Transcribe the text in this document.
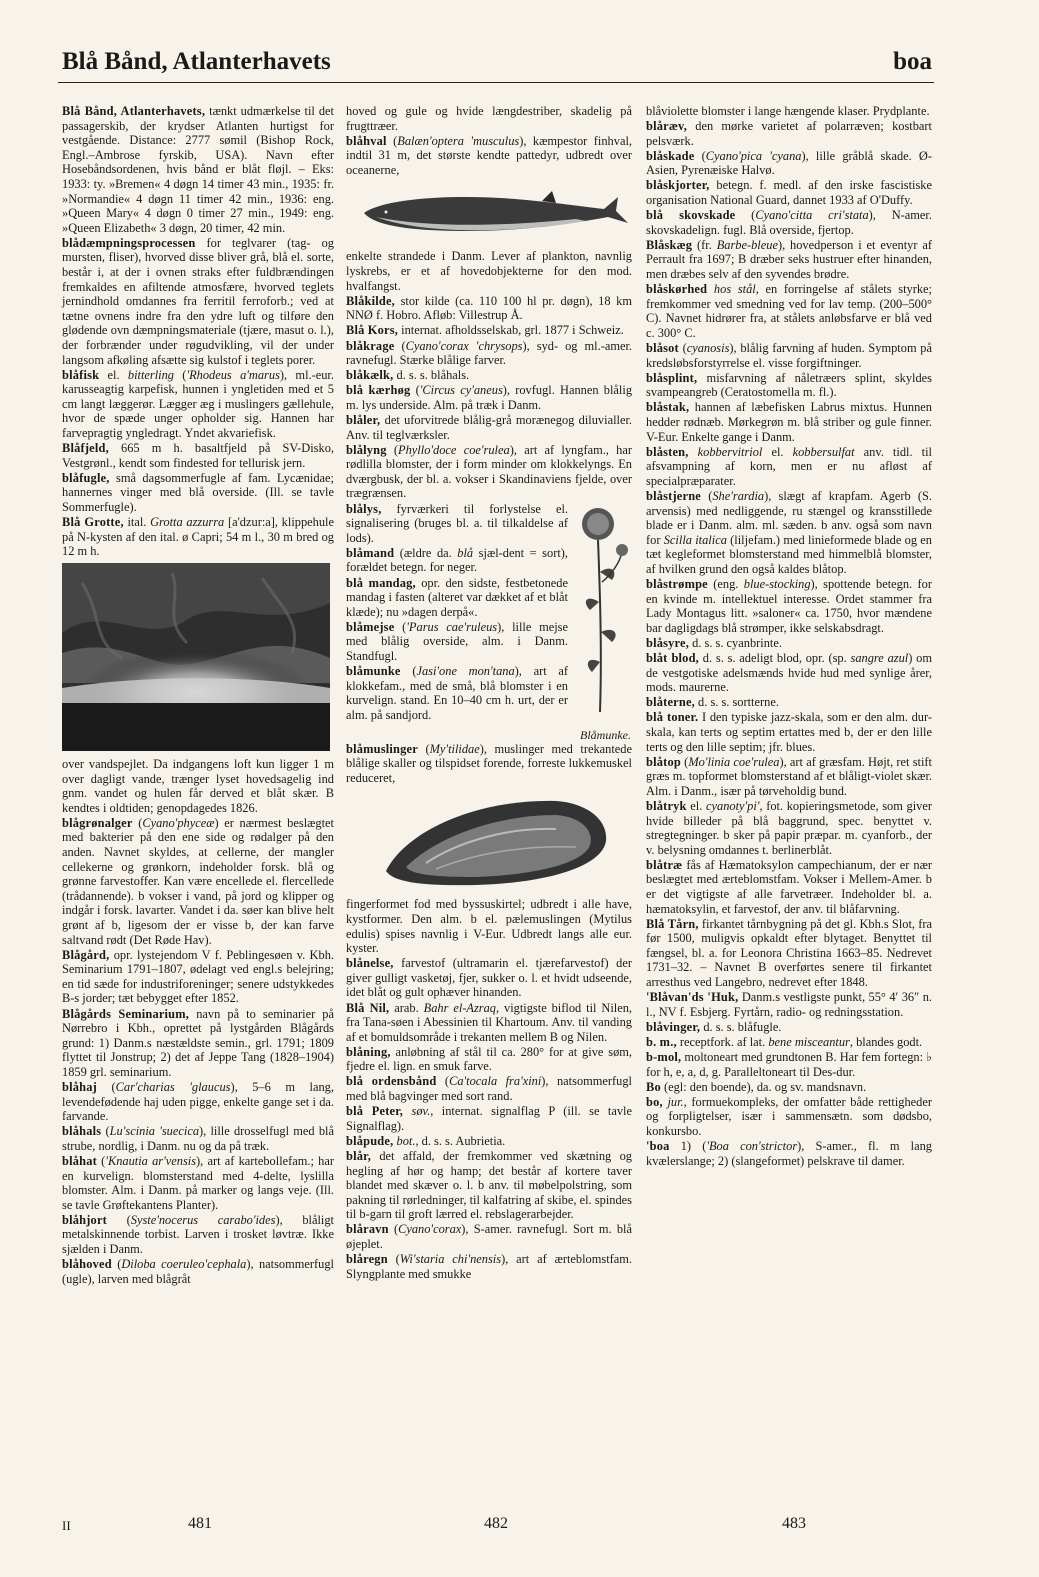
Blå Bånd, Atlanterhavets	boa
Blå Bånd, Atlanterhavets, tænkt udmærkelse til det passagerskib, der krydser Atlanten hurtigst for vestgående. Distance: 2777 sømil (Bishop Rock, Engl.–Ambrose fyrskib, USA). Navn efter Hosebåndsordenen, hvis bånd er blåt fløjl. – Eks: 1933: ty. »Bremen« 4 døgn 14 timer 43 min., 1935: fr. »Normandie« 4 døgn 11 timer 42 min., 1936: eng. »Queen Mary« 4 døgn 0 timer 27 min., 1949: eng. »Queen Elizabeth« 3 døgn, 20 timer, 42 min.
blådæmpningsprocessen for teglvarer (tag- og mursten, fliser), hvorved disse bliver grå, blå el. sorte, består i, at der i ovnen straks efter fuldbrændingen fremkaldes en afiltende atmosfære, hvorved teglets jernindhold omdannes fra ferritil ferroforb.; ved at tætne ovnens indre fra den ydre luft og tilføre den glødende ovn dæmpningsmateriale (tjære, masut o. l.), der forbrænder under røgudvikling, vil der under langsom afkøling afsætte sig kulstof i teglets porer.
blåfisk el. bitterling ('Rhodeus a'marus), ml.-eur. karusseagtig karpefisk, hunnen i yngletiden med et 5 cm langt læggerør. Lægger æg i muslingers gællehule, hvor de spæde unger opholder sig. Hannen har farvepragtig yngledragt. Yndet akvariefisk.
Blåfjeld, 665 m h. basaltfjeld på SV-Disko, Vestgrønl., kendt som findested for tellurisk jern.
blåfugle, små dagsommerfugle af fam. Lycænidae; hannernes vinger med blå overside. (Ill. se tavle Sommerfugle).
Blå Grotte, ital. Grotta azzurra [a'dzur:a], klippehule på N-kysten af den ital. ø Capri; 54 m l., 30 m bred og 12 m h.
over vandspejlet. Da indgangens loft kun ligger 1 m over dagligt vande, trænger lyset hovedsagelig ind gnm. vandet og hulen får derved et blåt skær. B kendtes i oldtiden; genopdagedes 1826.
blågrønalger (Cyano'phyceæ) er nærmest beslægtet med bakterier på den ene side og rødalger på den anden. Navnet skyldes, at cellerne, der mangler cellekerne og grønkorn, indeholder forsk. blå og grønne farvestoffer. Kan være encellede el. flercellede (trådannende). b vokser i vand, på jord og klipper og indgår i forsk. lavarter. Vandet i da. søer kan blive helt grønt af b, ligesom der er visse b, der kan farve saltvand rødt (Det Røde Hav).
Blågård, opr. lystejendom V f. Peblingesøen v. Kbh. Seminarium 1791–1807, ødelagt ved engl.s belejring; en tid sæde for industriforeninger; senere udstykkedes B-s jorder; tæt bebygget efter 1852.
Blågårds Seminarium, navn på to seminarier på Nørrebro i Kbh., oprettet på lystgården Blågårds grund: 1) Danm.s næstældste semin., grl. 1791; 1809 flyttet til Jonstrup; 2) det af Jeppe Tang (1828–1904) 1859 grl. seminarium.
blåhaj (Car'charias 'glaucus), 5–6 m lang, levendefødende haj uden pigge, enkelte gange set i da. farvande.
blåhals (Lu'scinia 'suecica), lille drosselfugl med blå strube, nordlig, i Danm. nu og da på træk.
blåhat ('Knautia ar'vensis), art af kartebollefam.; har en kurvelign. blomsterstand med 4-delte, lyslilla blomster. Alm. i Danm. på marker og langs veje. (Ill. se tavle Grøftekantens Planter).
blåhjort (Syste'nocerus carabo'ides), blåligt metalskinnende torbist. Larven i trosket løvtræ. Ikke sjælden i Danm.
blåhoved (Diloba coeruleo'cephala), natsommerfugl (ugle), larven med blågråt
hoved og gule og hvide længdestriber, skadelig på frugttræer.
blåhval (Balæn'optera 'musculus), kæmpestor finhval, indtil 31 m, det største kendte pattedyr, udbredt over oceanerne,
enkelte strandede i Danm. Lever af plankton, navnlig lyskrebs, er et af hovedobjekterne for den mod. hvalfangst.
Blåkilde, stor kilde (ca. 110 100 hl pr. døgn), 18 km NNØ f. Hobro. Afløb: Villestrup Å.
Blå Kors, internat. afholdsselskab, grl. 1877 i Schweiz.
blåkrage (Cyano'corax 'chrysops), syd- og ml.-amer. ravnefugl. Stærke blålige farver.
blåkælk, d. s. s. blåhals.
blå kærhøg ('Circus cy'aneus), rovfugl. Hannen blålig m. lys underside. Alm. på træk i Danm.
blåler, det uforvitrede blålig-grå morænegog diluvialler. Anv. til teglværksler.
blålyng (Phyllo'doce coe'rulea), art af lyngfam., har rødlilla blomster, der i form minder om klokkelyngs. En dværgbusk, der bl. a. vokser i Skandinaviens fjelde, over trægrænsen.
Blåmunke.
blålys, fyrværkeri til forlystelse el. signalisering (bruges bl. a. til tilkaldelse af lods).
blåmand (ældre da. blå sjæl-dent = sort), forældet betegn. for neger.
blå mandag, opr. den sidste, festbetonede mandag i fasten (alteret var dækket af et blåt klæde); nu »dagen derpå«.
blåmejse ('Parus cae'ruleus), lille mejse med blålig overside, alm. i Danm. Standfugl.
blåmunke (Jasi'one mon'tana), art af klokkefam., med de små, blå blomster i en kurvelign. stand. En 10–40 cm h. urt, der er alm. på sandjord.
blåmuslinger (My'tilidae), muslinger med trekantede blålige skaller og tilspidset forende, forreste lukkemuskel reduceret,
fingerformet fod med byssuskirtel; udbredt i alle have, kystformer. Den alm. b el. pælemuslingen (Mytilus edulis) spises navnlig i V-Eur. Udbredt langs alle eur. kyster.
blånelse, farvestof (ultramarin el. tjærefarvestof) der giver gulligt vasketøj, fjer, sukker o. l. et hvidt udseende, idet blåt og gult ophæver hinanden.
Blå Nil, arab. Bahr el-Azraq, vigtigste biflod til Nilen, fra Tana-søen i Abessinien til Khartoum. Anv. til vanding af et bomuldsområde i trekanten mellem B og Nilen.
blåning, anløbning af stål til ca. 280° for at give søm, fjedre el. lign. en smuk farve.
blå ordensbånd (Ca'tocala fra'xini), natsommerfugl med blå bagvinger med sort rand.
blå Peter, søv., internat. signalflag P (ill. se tavle Signalflag).
blåpude, bot., d. s. s. Aubrietia.
blår, det affald, der fremkommer ved skætning og hegling af hør og hamp; det består af kortere taver blandet med skæver o. l. b anv. til møbelpolstring, som pakning til rørledninger, til kalfatring af skibe, el. spindes til b-garn til groft lærred el. rebslagerarbejder.
blåravn (Cyano'corax), S-amer. ravnefugl. Sort m. blå øjeplet.
blåregn (Wi'staria chi'nensis), art af ærteblomstfam. Slyngplante med smukke
blåviolette blomster i lange hængende klaser. Prydplante.
blåræv, den mørke varietet af polarræven; kostbart pelsværk.
blåskade (Cyano'pica 'cyana), lille gråblå skade. Ø-Asien, Pyrenæiske Halvø.
blåskjorter, betegn. f. medl. af den irske fascistiske organisation National Guard, dannet 1933 af O'Duffy.
blå skovskade (Cyano'citta cri'stata), N-amer. skovskadelign. fugl. Blå overside, fjertop.
Blåskæg (fr. Barbe-bleue), hovedperson i et eventyr af Perrault fra 1697; B dræber seks hustruer efter hinanden, men dræbes selv af den syvendes brødre.
blåskørhed hos stål, en forringelse af stålets styrke; fremkommer ved smedning ved for lav temp. (200–500° C). Navnet hidrører fra, at stålets anløbsfarve er blå ved c. 300° C.
blåsot (cyanosis), blålig farvning af huden. Symptom på kredsløbsforstyrrelse el. visse forgiftninger.
blåsplint, misfarvning af nåletræers splint, skyldes svampeangreb (Ceratostomella m. fl.).
blåstak, hannen af læbefisken Labrus mixtus. Hunnen hedder rødnæb. Mørkegrøn m. blå striber og gule finner. V-Eur. Enkelte gange i Danm.
blåsten, kobbervitriol el. kobbersulfat anv. tidl. til afsvampning af korn, men er nu afløst af specialpræparater.
blåstjerne (She'rardia), slægt af krapfam. Agerb (S. arvensis) med nedliggende, ru stængel og kransstillede blade er i Danm. alm. ml. sæden. b anv. også som navn for Scilla italica (liljefam.) med linieformede blade og en tæt kegleformet blomsterstand med himmelblå blomster, af hvilken grund den også kaldes blåtop.
blåstrømpe (eng. blue-stocking), spottende betegn. for en kvinde m. intellektuel interesse. Ordet stammer fra Lady Montagus litt. »saloner« ca. 1750, hvor mændene bar dagligdags blå strømper, ikke selskabsdragt.
blåsyre, d. s. s. cyanbrinte.
blåt blod, d. s. s. adeligt blod, opr. (sp. sangre azul) om de vestgotiske adelsmænds hvide hud med synlige årer, mods. maurerne.
blåterne, d. s. s. sortterne.
blå toner. I den typiske jazz-skala, som er den alm. dur-skala, kan terts og septim ertattes med b, der er den lille terts og den lille septim; jfr. blues.
blåtop (Mo'linia coe'rulea), art af græsfam. Højt, ret stift græs m. topformet blomsterstand af et blåligt-violet skær. Alm. i Danm., især på tørveholdig bund.
blåtryk el. cyanoty'pi', fot. kopieringsmetode, som giver hvide billeder på blå baggrund, spec. benyttet v. stregtegninger. b sker på papir præpar. m. cyanforb., der v. belysning omdannes t. berlinerblåt.
blåtræ fås af Hæmatoksylon campechianum, der er nær beslægtet med ærteblomstfam. Vokser i Mellem-Amer. b er det vigtigste af alle farvetræer. Indeholder bl. a. hæmatoksylin, et farvestof, der anv. til blåfarvning.
Blå Tårn, firkantet tårnbygning på det gl. Kbh.s Slot, fra før 1500, muligvis opkaldt efter blytaget. Benyttet til fængsel, bl. a. for Leonora Christina 1663–85. Nedrevet 1731–32. – Navnet B overførtes senere til firkantet arresthus ved Langebro, nedrevet efter 1848.
'Blåvan'ds 'Huk, Danm.s vestligste punkt, 55° 4′ 36″ n. l., NV f. Esbjerg. Fyrtårn, radio- og redningsstation.
blåvinger, d. s. s. blåfugle.
b. m., receptfork. af lat. bene misceantur, blandes godt.
b-mol, moltoneart med grundtonen B. Har fem fortegn: ♭ for h, e, a, d, g. Paralleltoneart til Des-dur.
Bo (egl: den boende), da. og sv. mandsnavn.
bo, jur., formuekompleks, der omfatter både rettigheder og forpligtelser, især i sammensætn. som dødsbo, konkursbo.
'boa 1) ('Boa con'strictor), S-amer., fl. m lang kvælerslange; 2) (slangeformet) pelskrave til damer.
II	481	482	483
